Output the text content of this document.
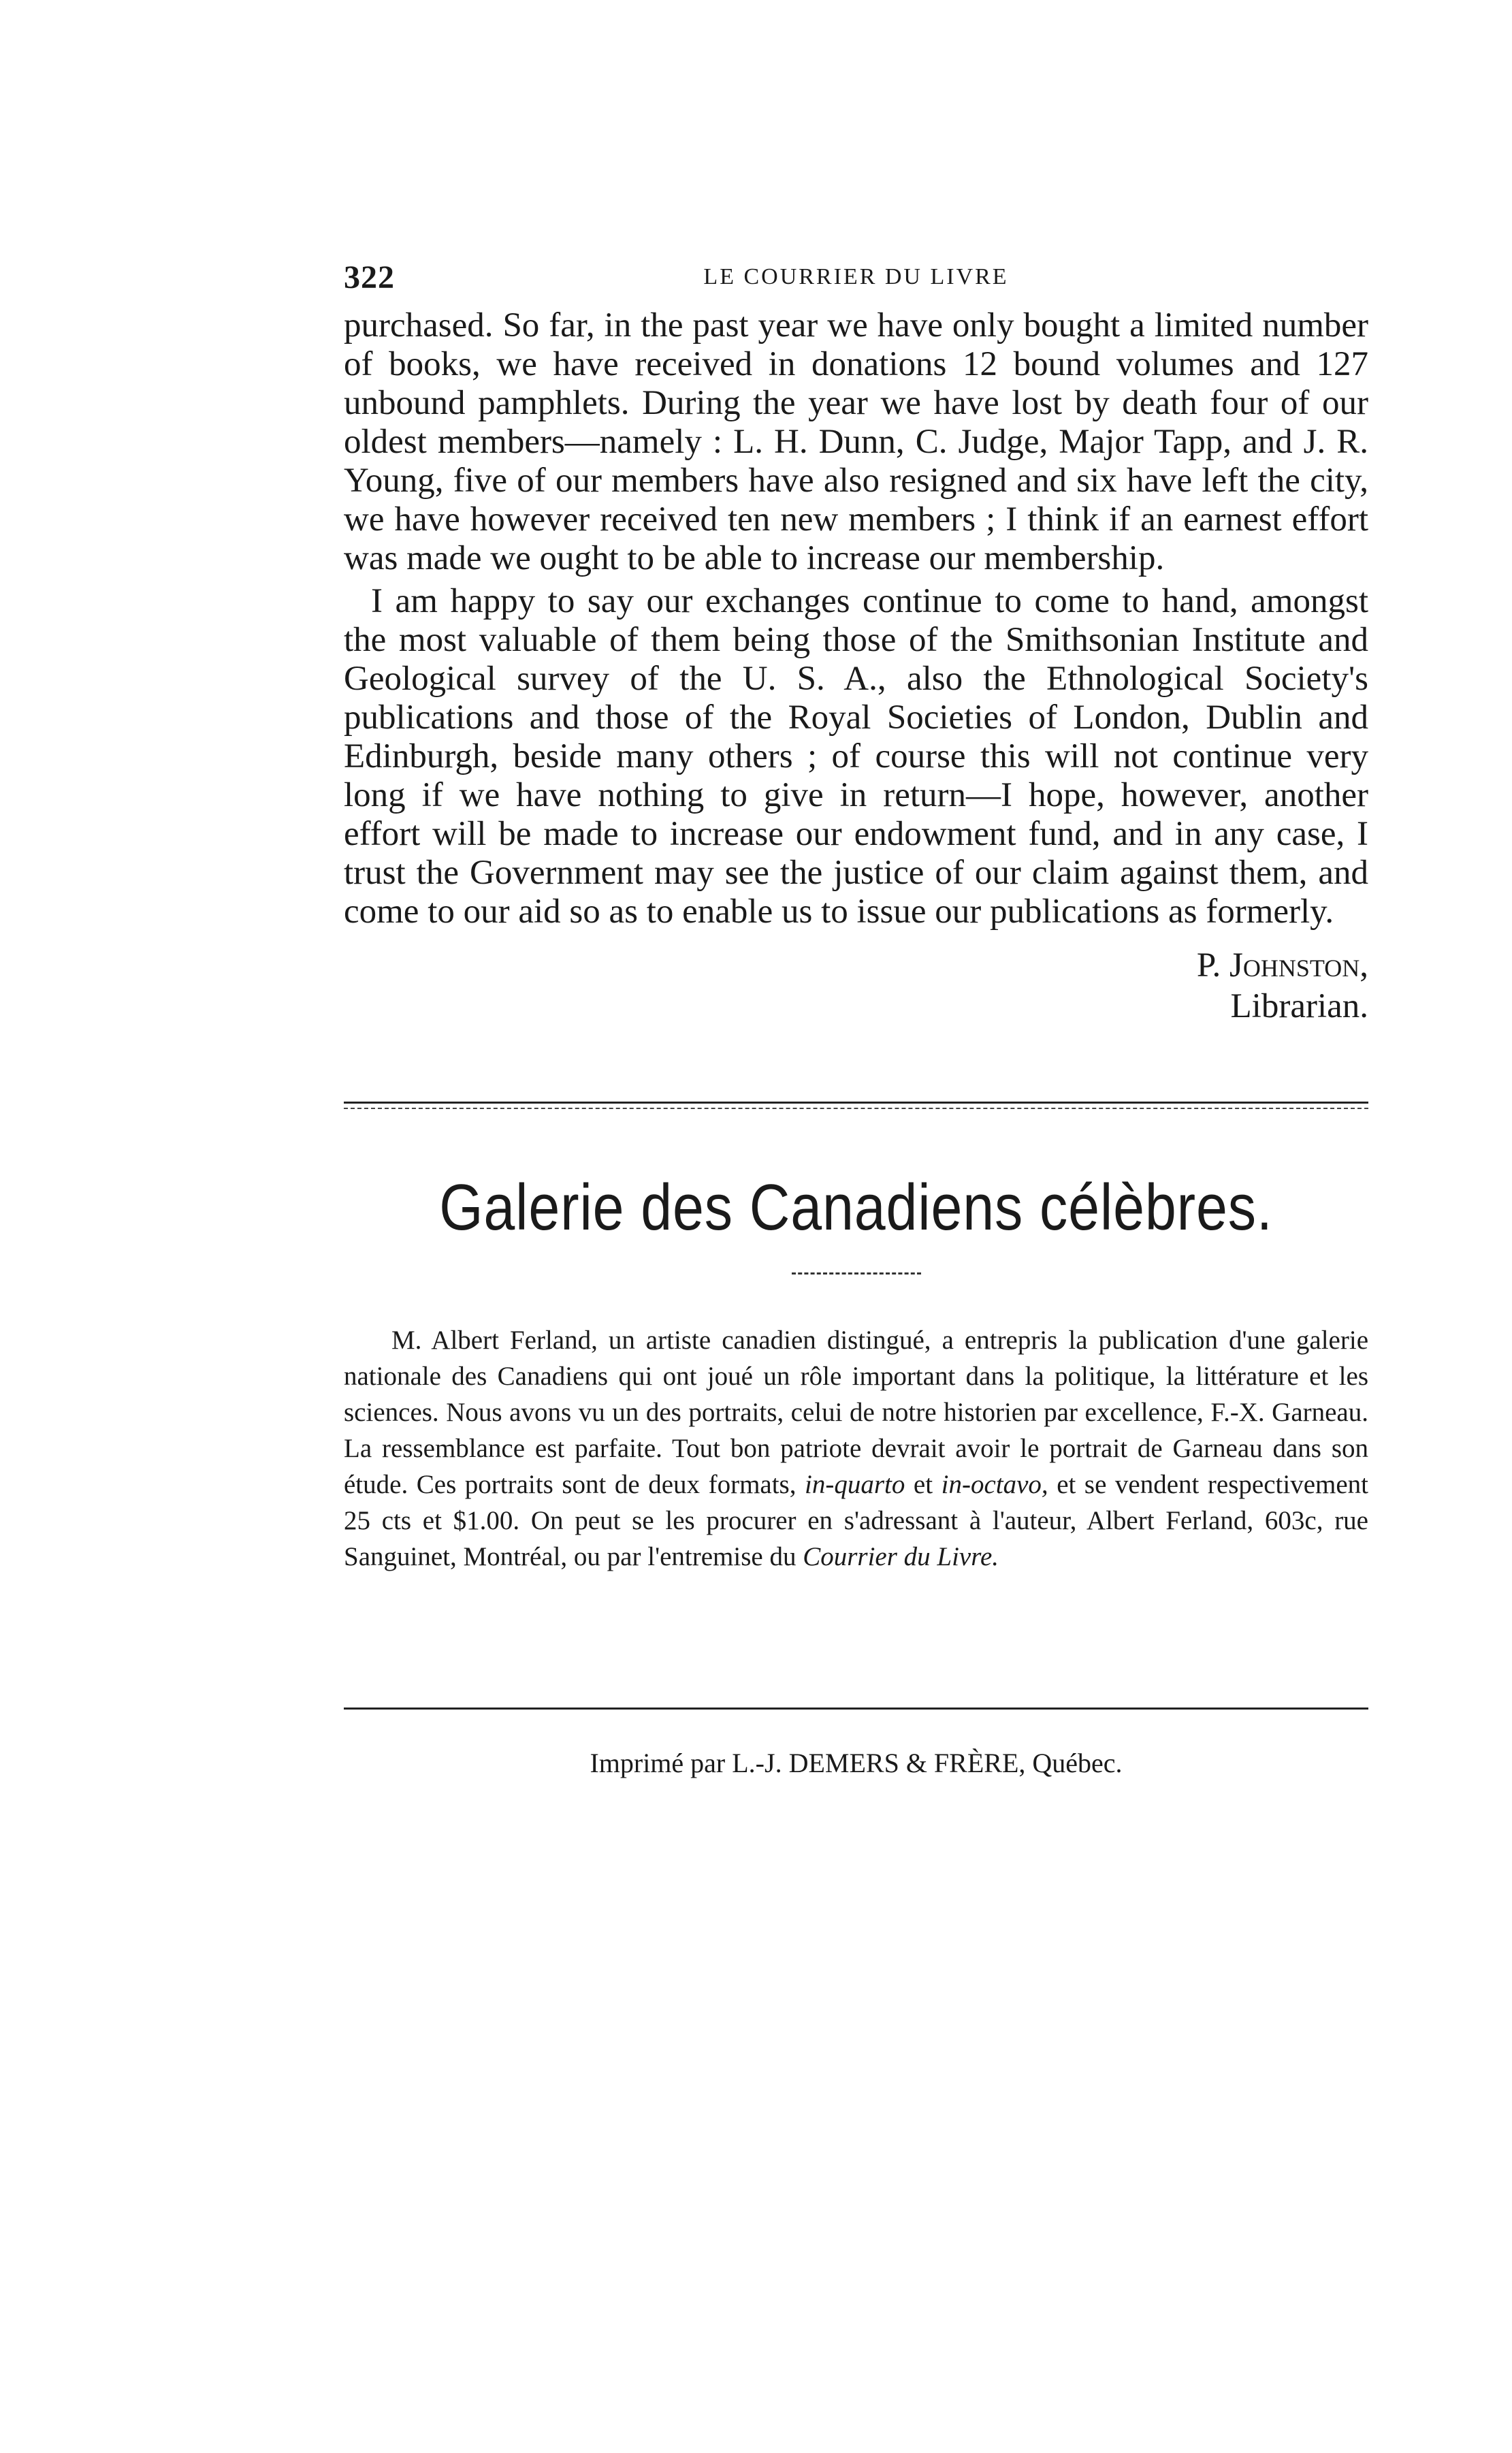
322	LE COURRIER DU LIVRE

purchased. So far, in the past year we have only bought a limited number of books, we have received in donations 12 bound volumes and 127 unbound pamphlets. During the year we have lost by death four of our oldest members—namely : L. H. Dunn, C. Judge, Major Tapp, and J. R. Young, five of our members have also resigned and six have left the city, we have however received ten new members ; I think if an earnest effort was made we ought to be able to increase our membership.

I am happy to say our exchanges continue to come to hand, amongst the most valuable of them being those of the Smithsonian Institute and Geological survey of the U. S. A., also the Ethnological Society's publications and those of the Royal Societies of London, Dublin and Edinburgh, beside many others ; of course this will not continue very long if we have nothing to give in return—I hope, however, another effort will be made to increase our endowment fund, and in any case, I trust the Government may see the justice of our claim against them, and come to our aid so as to enable us to issue our publications as formerly.

P. Johnston,
Librarian.
Galerie des Canadiens célèbres.

M. Albert Ferland, un artiste canadien distingué, a entrepris la publication d'une galerie nationale des Canadiens qui ont joué un rôle important dans la politique, la littérature et les sciences. Nous avons vu un des portraits, celui de notre historien par excellence, F.-X. Garneau. La ressemblance est parfaite. Tout bon patriote devrait avoir le portrait de Garneau dans son étude. Ces portraits sont de deux formats, in-quarto et in-octavo, et se vendent respectivement 25 cts et $1.00. On peut se les procurer en s'adressant à l'auteur, Albert Ferland, 603c, rue Sanguinet, Montréal, ou par l'entremise du Courrier du Livre.

Imprimé par L.-J. DEMERS & FRÈRE, Québec.
